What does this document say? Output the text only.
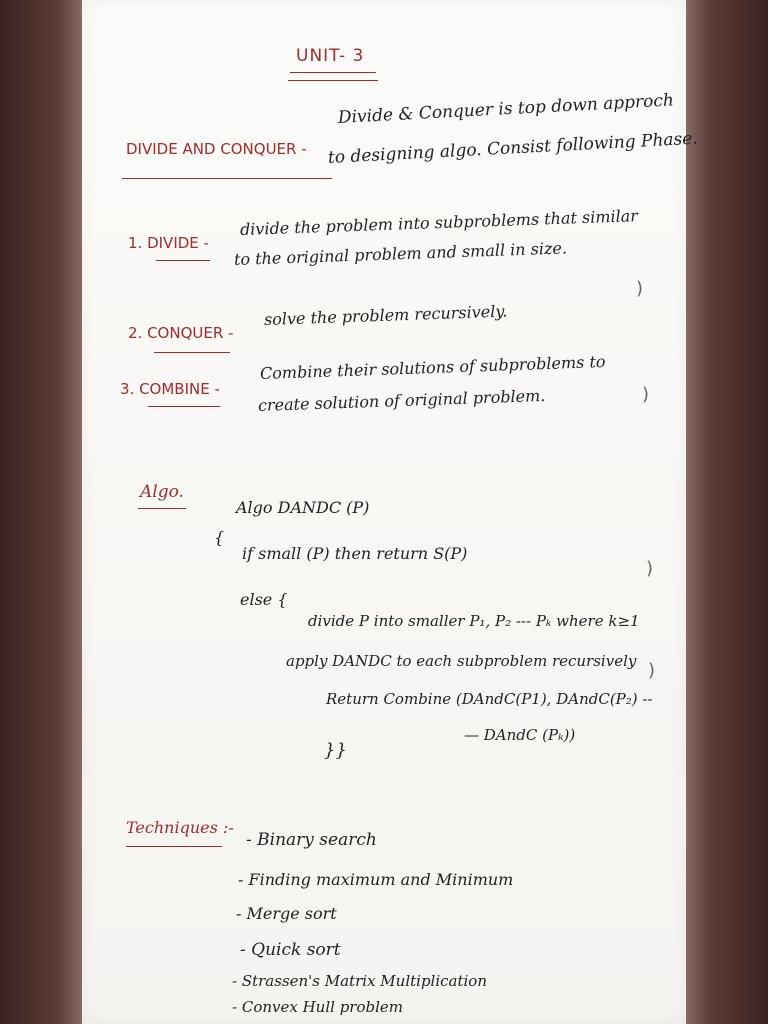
UNIT- 3
DIVIDE AND CONQUER -
Divide & Conquer is top down approch
to designing algo. Consist following Phase.
1. DIVIDE -
divide the problem into subproblems that similar
to the original problem and small in size.
)
2. CONQUER -
solve the problem recursively.
3. COMBINE -
Combine their solutions of subproblems to
create solution of original problem.	)
Algo.
Algo DANDC (P)
{
if small (P) then return S(P)
else {
divide P into smaller P₁, P₂ --- Pₖ where k≥1
apply DANDC to each subproblem recursively
Return Combine (DAndC(P1), DAndC(P₂) --
— DAndC (Pₖ))
}}
)
)
Techniques :-
- Binary search
- Finding maximum and Minimum
- Merge sort
- Quick sort
- Strassen's Matrix Multiplication
- Convex Hull problem
